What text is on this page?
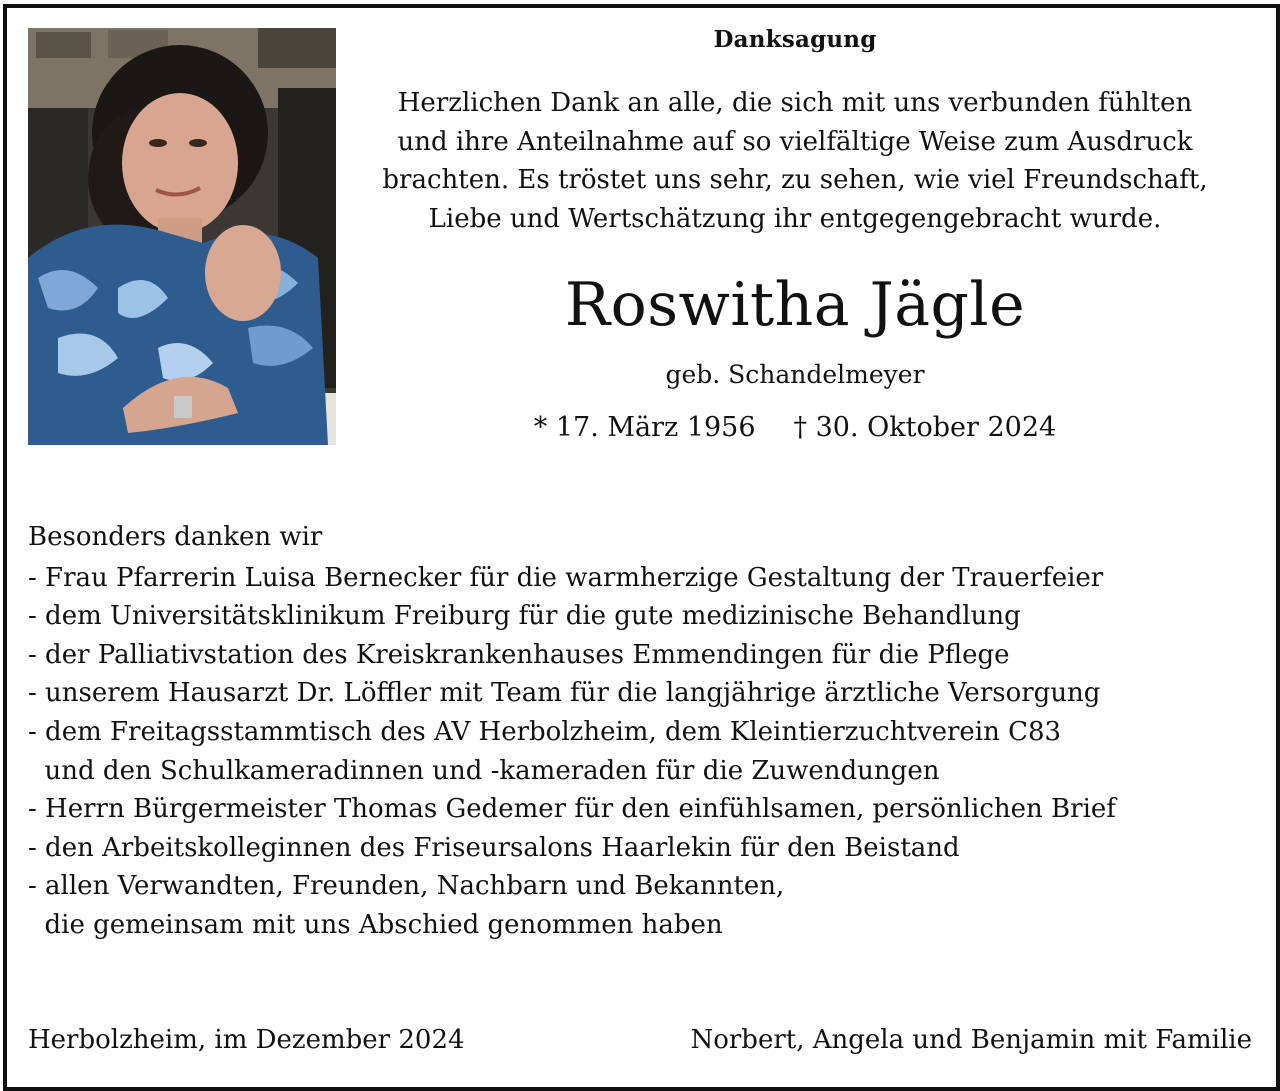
Danksagung

Herzlichen Dank an alle, die sich mit uns verbunden fühlten
und ihre Anteilnahme auf so vielfältige Weise zum Ausdruck
brachten. Es tröstet uns sehr, zu sehen, wie viel Freundschaft,
Liebe und Wertschätzung ihr entgegengebracht wurde.

Roswitha Jägle
geb. Schandelmeyer
* 17. März 1956 † 30. Oktober 2024
Besonders danken wir
- Frau Pfarrerin Luisa Bernecker für die warmherzige Gestaltung der Trauerfeier
- dem Universitätsklinikum Freiburg für die gute medizinische Behandlung
- der Palliativstation des Kreiskrankenhauses Emmendingen für die Pflege
- unserem Hausarzt Dr. Löffler mit Team für die langjährige ärztliche Versorgung
- dem Freitagsstammtisch des AV Herbolzheim, dem Kleintierzuchtverein C83
und den Schulkameradinnen und -kameraden für die Zuwendungen
- Herrn Bürgermeister Thomas Gedemer für den einfühlsamen, persönlichen Brief
- den Arbeitskolleginnen des Friseursalons Haarlekin für den Beistand
- allen Verwandten, Freunden, Nachbarn und Bekannten,
die gemeinsam mit uns Abschied genommen haben
Herbolzheim, im Dezember 2024	Norbert, Angela und Benjamin mit Familie
